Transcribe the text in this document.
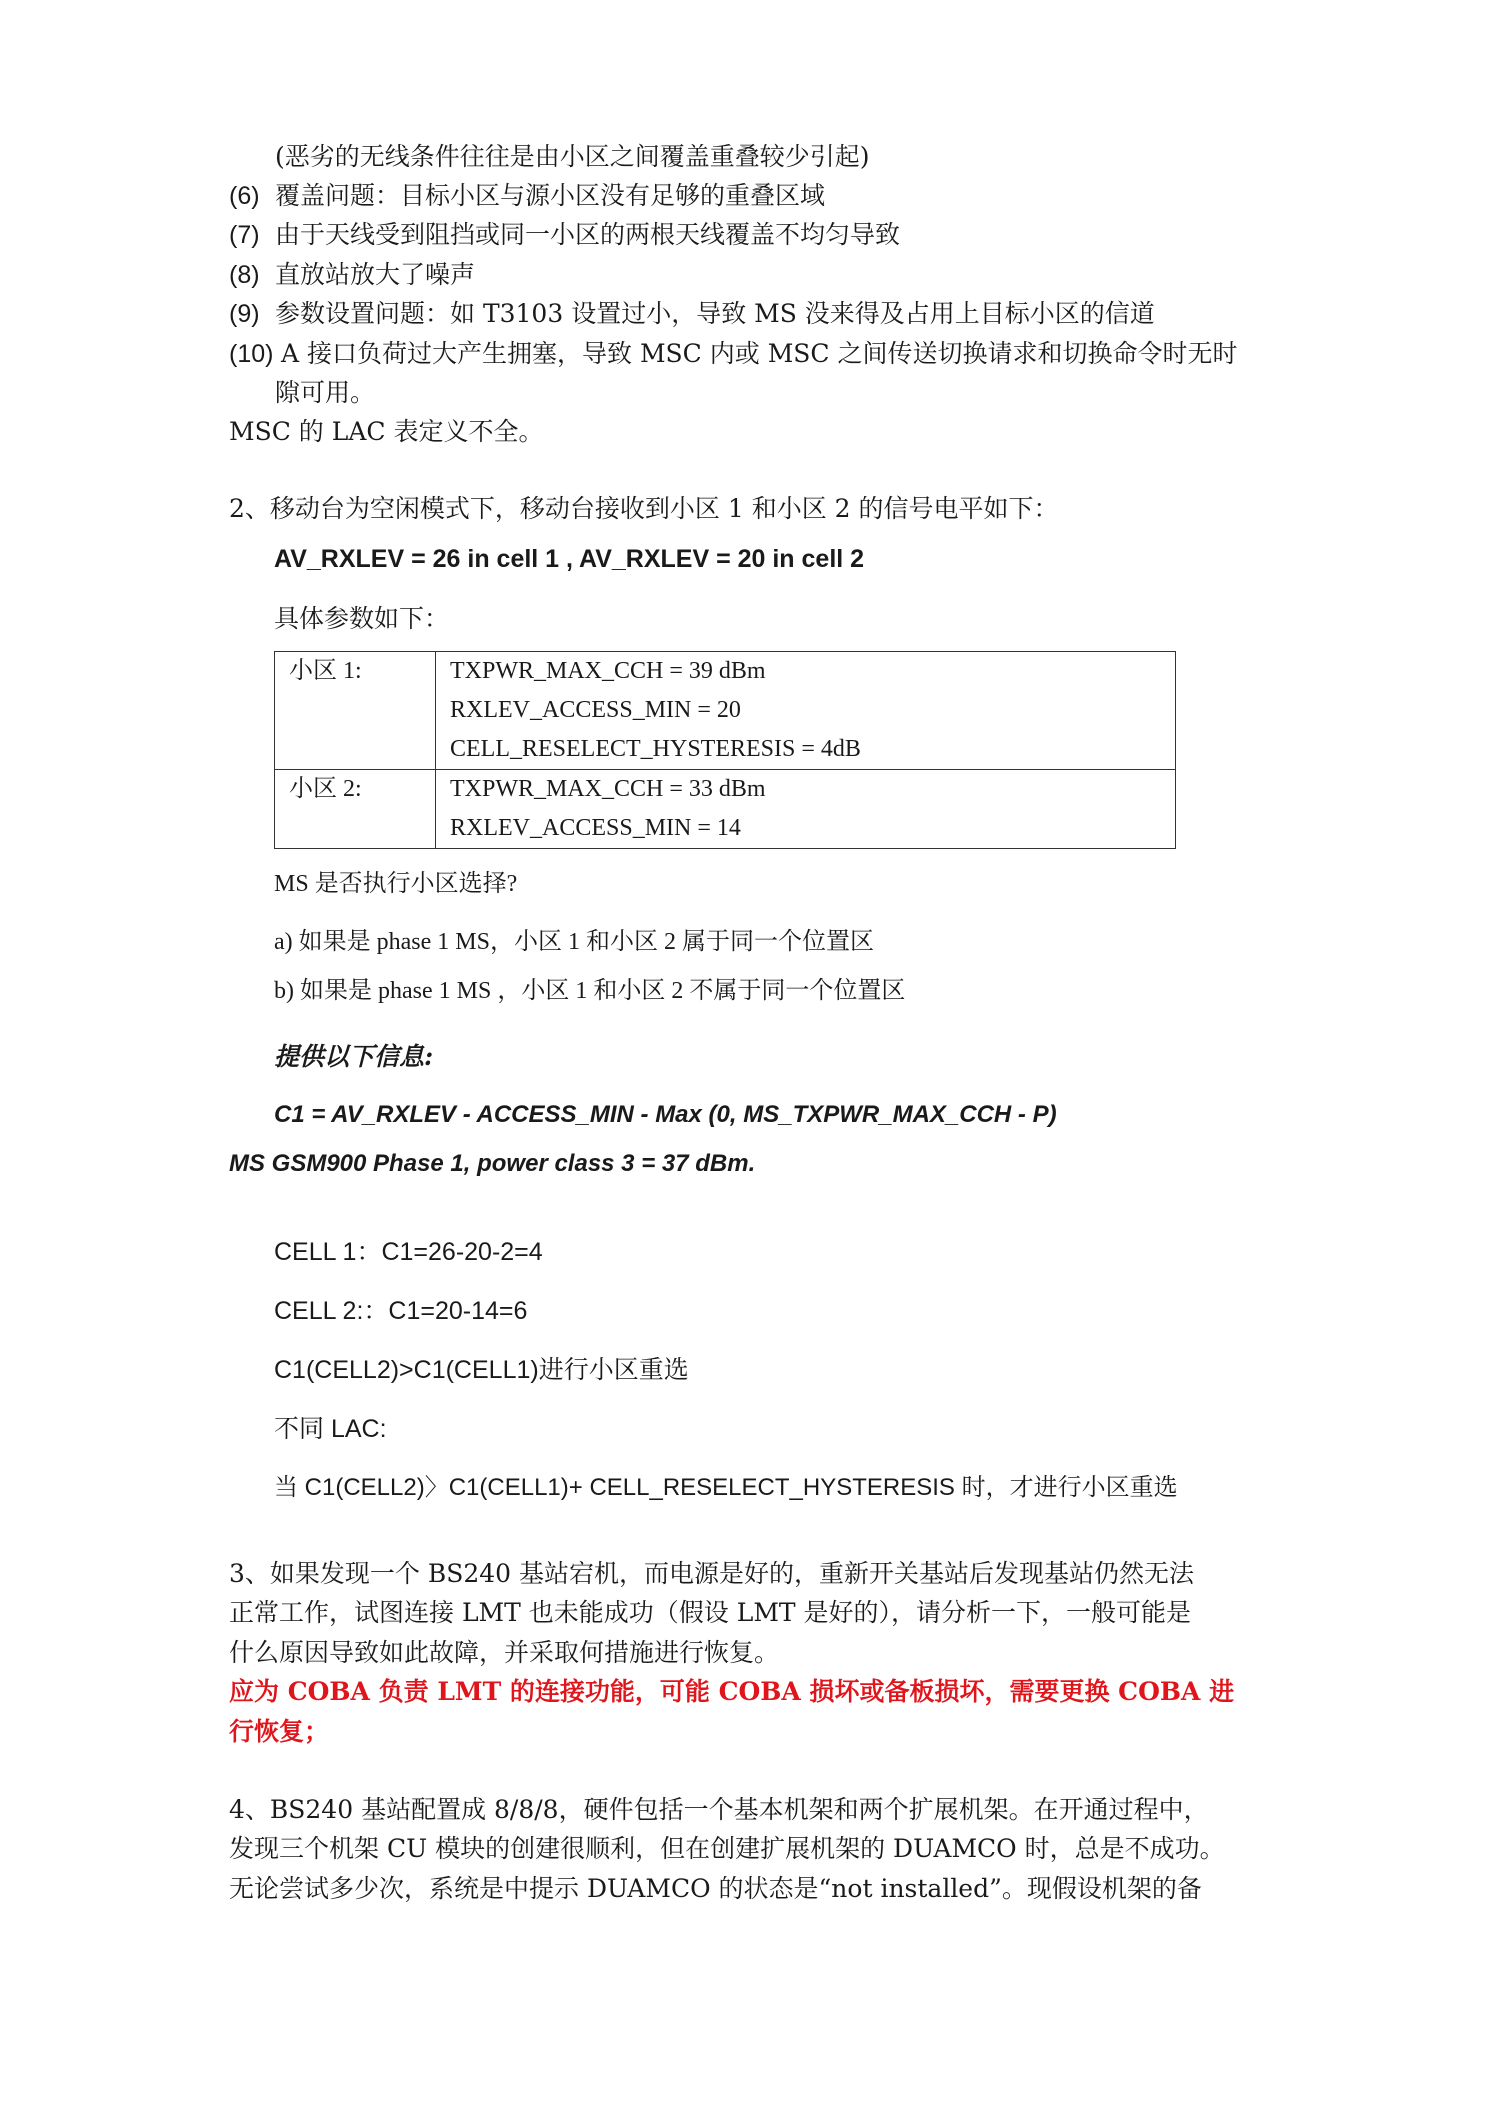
(恶劣的无线条件往往是由小区之间覆盖重叠较少引起)
(6) 覆盖问题：目标小区与源小区没有足够的重叠区域
(7) 由于天线受到阻挡或同一小区的两根天线覆盖不均匀导致
(8) 直放站放大了噪声
(9) 参数设置问题：如 T3103 设置过小，导致 MS 没来得及占用上目标小区的信道
(10) A 接口负荷过大产生拥塞，导致 MSC 内或 MSC 之间传送切换请求和切换命令时无时
隙可用。
MSC 的 LAC 表定义不全。
2、移动台为空闲模式下，移动台接收到小区 1 和小区 2 的信号电平如下：
AV_RXLEV = 26 in cell 1 , AV_RXLEV = 20 in cell 2
具体参数如下：
小区 1:	TXPWR_MAX_CCH = 39 dBm
RXLEV_ACCESS_MIN = 20
CELL_RESELECT_HYSTERESIS = 4dB

小区 2:	TXPWR_MAX_CCH = 33 dBm
RXLEV_ACCESS_MIN = 14
MS 是否执行小区选择?
a) 如果是 phase 1 MS，小区 1 和小区 2 属于同一个位置区
b) 如果是 phase 1 MS ，小区 1 和小区 2 不属于同一个位置区
提供以下信息:
C1 = AV_RXLEV - ACCESS_MIN - Max (0, MS_TXPWR_MAX_CCH - P)
MS GSM900 Phase 1, power class 3 = 37 dBm.
CELL 1：C1=26-20-2=4
CELL 2:：C1=20-14=6
C1(CELL2)>C1(CELL1)进行小区重选
不同 LAC:
当 C1(CELL2)〉C1(CELL1)+ CELL_RESELECT_HYSTERESIS 时，才进行小区重选
3、如果发现一个 BS240 基站宕机，而电源是好的，重新开关基站后发现基站仍然无法
正常工作，试图连接 LMT 也未能成功（假设 LMT 是好的），请分析一下，一般可能是
什么原因导致如此故障，并采取何措施进行恢复。
应为 COBA 负责 LMT 的连接功能，可能 COBA 损坏或备板损坏，需要更换 COBA 进
行恢复；
4、BS240 基站配置成 8/8/8，硬件包括一个基本机架和两个扩展机架。在开通过程中，
发现三个机架 CU 模块的创建很顺利，但在创建扩展机架的 DUAMCO 时，总是不成功。
无论尝试多少次，系统是中提示 DUAMCO 的状态是“not installed”。现假设机架的备
